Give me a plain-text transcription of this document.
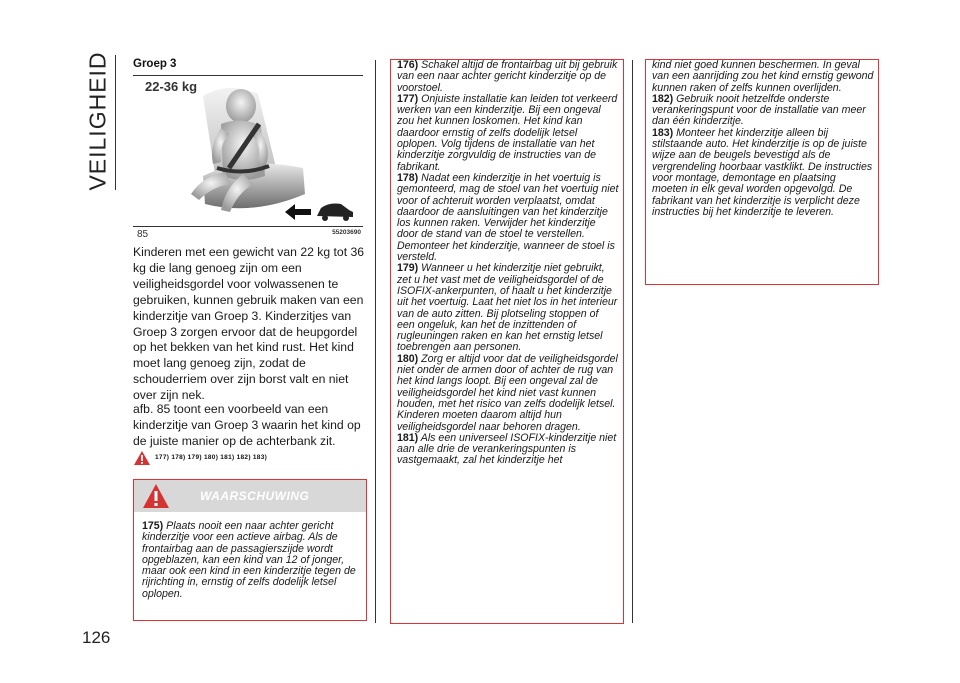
VEILIGHEID
126
Groep 3
22-36 kg
85	55203690
Kinderen met een gewicht van 22 kg tot 36 kg die lang genoeg zijn om een veiligheidsgordel voor volwassenen te gebruiken, kunnen gebruik maken van een kinderzitje van Groep 3. Kinderzitjes van Groep 3 zorgen ervoor dat de heupgordel op het bekken van het kind rust. Het kind moet lang genoeg zijn, zodat de schouderriem over zijn borst valt en niet over zijn nek.
afb. 85 toont een voorbeeld van een kinderzitje van Groep 3 waarin het kind op de juiste manier op de achterbank zit.
177) 178) 179) 180) 181) 182) 183)
WAARSCHUWING
175) Plaats nooit een naar achter gericht kinderzitje voor een actieve airbag. Als de frontairbag aan de passagierszijde wordt opgeblazen, kan een kind van 12 of jonger, maar ook een kind in een kinderzitje tegen de rijrichting in, ernstig of zelfs dodelijk letsel oplopen.
176) Schakel altijd de frontairbag uit bij gebruik van een naar achter gericht kinderzitje op de voorstoel.
177) Onjuiste installatie kan leiden tot verkeerd werken van een kinderzitje. Bij een ongeval zou het kunnen loskomen. Het kind kan daardoor ernstig of zelfs dodelijk letsel oplopen. Volg tijdens de installatie van het kinderzitje zorgvuldig de instructies van de fabrikant.
178) Nadat een kinderzitje in het voertuig is gemonteerd, mag de stoel van het voertuig niet voor of achteruit worden verplaatst, omdat daardoor de aansluitingen van het kinderzitje los kunnen raken. Verwijder het kinderzitje door de stand van de stoel te verstellen. Demonteer het kinderzitje, wanneer de stoel is versteld.
179) Wanneer u het kinderzitje niet gebruikt, zet u het vast met de veiligheidsgordel of de ISOFIX-ankerpunten, of haalt u het kinderzitje uit het voertuig. Laat het niet los in het interieur van de auto zitten. Bij plotseling stoppen of een ongeluk, kan het de inzittenden of rugleuningen raken en kan het ernstig letsel toebrengen aan personen.
180) Zorg er altijd voor dat de veiligheidsgordel niet onder de armen door of achter de rug van het kind langs loopt. Bij een ongeval zal de veiligheidsgordel het kind niet vast kunnen houden, met het risico van zelfs dodelijk letsel. Kinderen moeten daarom altijd hun veiligheidsgordel naar behoren dragen.
181) Als een universeel ISOFIX-kinderzitje niet aan alle drie de verankeringspunten is vastgemaakt, zal het kinderzitje het
kind niet goed kunnen beschermen. In geval van een aanrijding zou het kind ernstig gewond kunnen raken of zelfs kunnen overlijden.
182) Gebruik nooit hetzelfde onderste verankeringspunt voor de installatie van meer dan één kinderzitje.
183) Monteer het kinderzitje alleen bij stilstaande auto. Het kinderzitje is op de juiste wijze aan de beugels bevestigd als de vergrendeling hoorbaar vastklikt. De instructies voor montage, demontage en plaatsing moeten in elk geval worden opgevolgd. De fabrikant van het kinderzitje is verplicht deze instructies bij het kinderzitje te leveren.
